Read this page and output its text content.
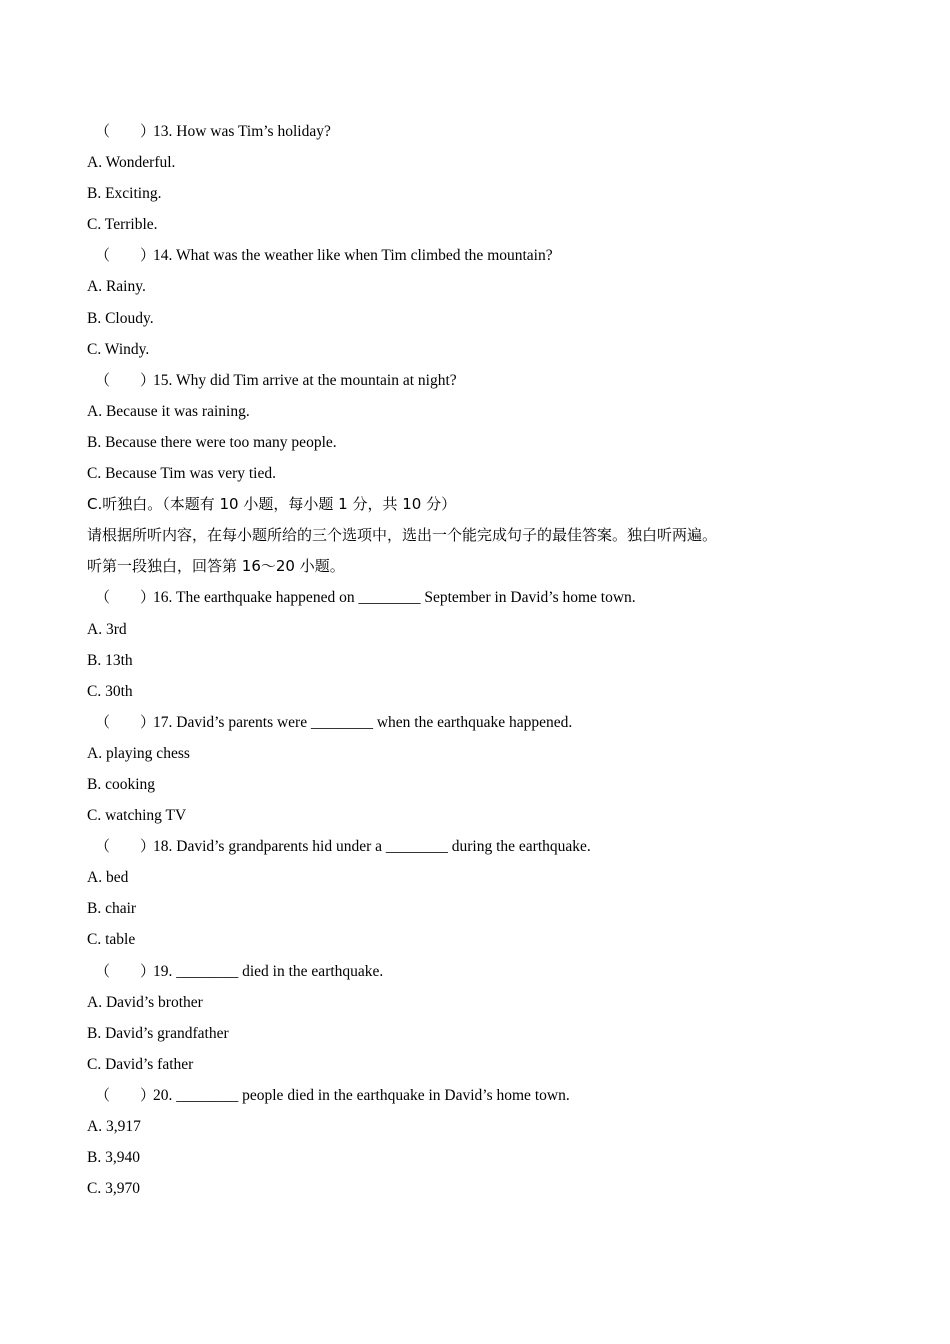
（　　）13. How was Tim’s holiday?
A. Wonderful.
B. Exciting.
C. Terrible.
（　　）14. What was the weather like when Tim climbed the mountain?
A. Rainy.
B. Cloudy.
C. Windy.
（　　）15. Why did Tim arrive at the mountain at night?
A. Because it was raining.
B. Because there were too many people.
C. Because Tim was very tied.
C.听独白。（本题有 10 小题，每小题 1 分，共 10 分）
请根据所听内容，在每小题所给的三个选项中，选出一个能完成句子的最佳答案。独白听两遍。
听第一段独白，回答第 16～20 小题。
（　　）16. The earthquake happened on ________ September in David’s home town.
A. 3rd
B. 13th
C. 30th
（　　）17. David’s parents were ________ when the earthquake happened.
A. playing chess
B. cooking
C. watching TV
（　　）18. David’s grandparents hid under a ________ during the earthquake.
A. bed
B. chair
C. table
（　　）19. ________ died in the earthquake.
A. David’s brother
B. David’s grandfather
C. David’s father
（　　）20. ________ people died in the earthquake in David’s home town.
A. 3,917
B. 3,940
C. 3,970
